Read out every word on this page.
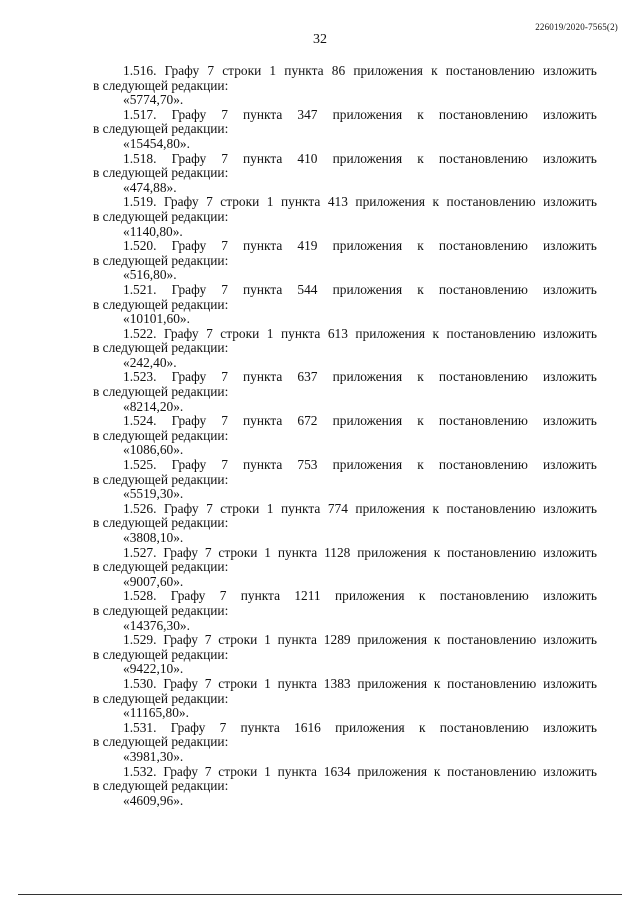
226019/2020-7565(2)
32
1.516. Графу 7 строки 1 пункта 86 приложения к постановлению изложить
в следующей редакции:
«5774,70».
1.517. Графу 7 пункта 347 приложения к постановлению изложить
в следующей редакции:
«15454,80».
1.518. Графу 7 пункта 410 приложения к постановлению изложить
в следующей редакции:
«474,88».
1.519. Графу 7 строки 1 пункта 413 приложения к постановлению изложить
в следующей редакции:
«1140,80».
1.520. Графу 7 пункта 419 приложения к постановлению изложить
в следующей редакции:
«516,80».
1.521. Графу 7 пункта 544 приложения к постановлению изложить
в следующей редакции:
«10101,60».
1.522. Графу 7 строки 1 пункта 613 приложения к постановлению изложить
в следующей редакции:
«242,40».
1.523. Графу 7 пункта 637 приложения к постановлению изложить
в следующей редакции:
«8214,20».
1.524. Графу 7 пункта 672 приложения к постановлению изложить
в следующей редакции:
«1086,60».
1.525. Графу 7 пункта 753 приложения к постановлению изложить
в следующей редакции:
«5519,30».
1.526. Графу 7 строки 1 пункта 774 приложения к постановлению изложить
в следующей редакции:
«3808,10».
1.527. Графу 7 строки 1 пункта 1128 приложения к постановлению изложить
в следующей редакции:
«9007,60».
1.528. Графу 7 пункта 1211 приложения к постановлению изложить
в следующей редакции:
«14376,30».
1.529. Графу 7 строки 1 пункта 1289 приложения к постановлению изложить
в следующей редакции:
«9422,10».
1.530. Графу 7 строки 1 пункта 1383 приложения к постановлению изложить
в следующей редакции:
«11165,80».
1.531. Графу 7 пункта 1616 приложения к постановлению изложить
в следующей редакции:
«3981,30».
1.532. Графу 7 строки 1 пункта 1634 приложения к постановлению изложить
в следующей редакции:
«4609,96».
